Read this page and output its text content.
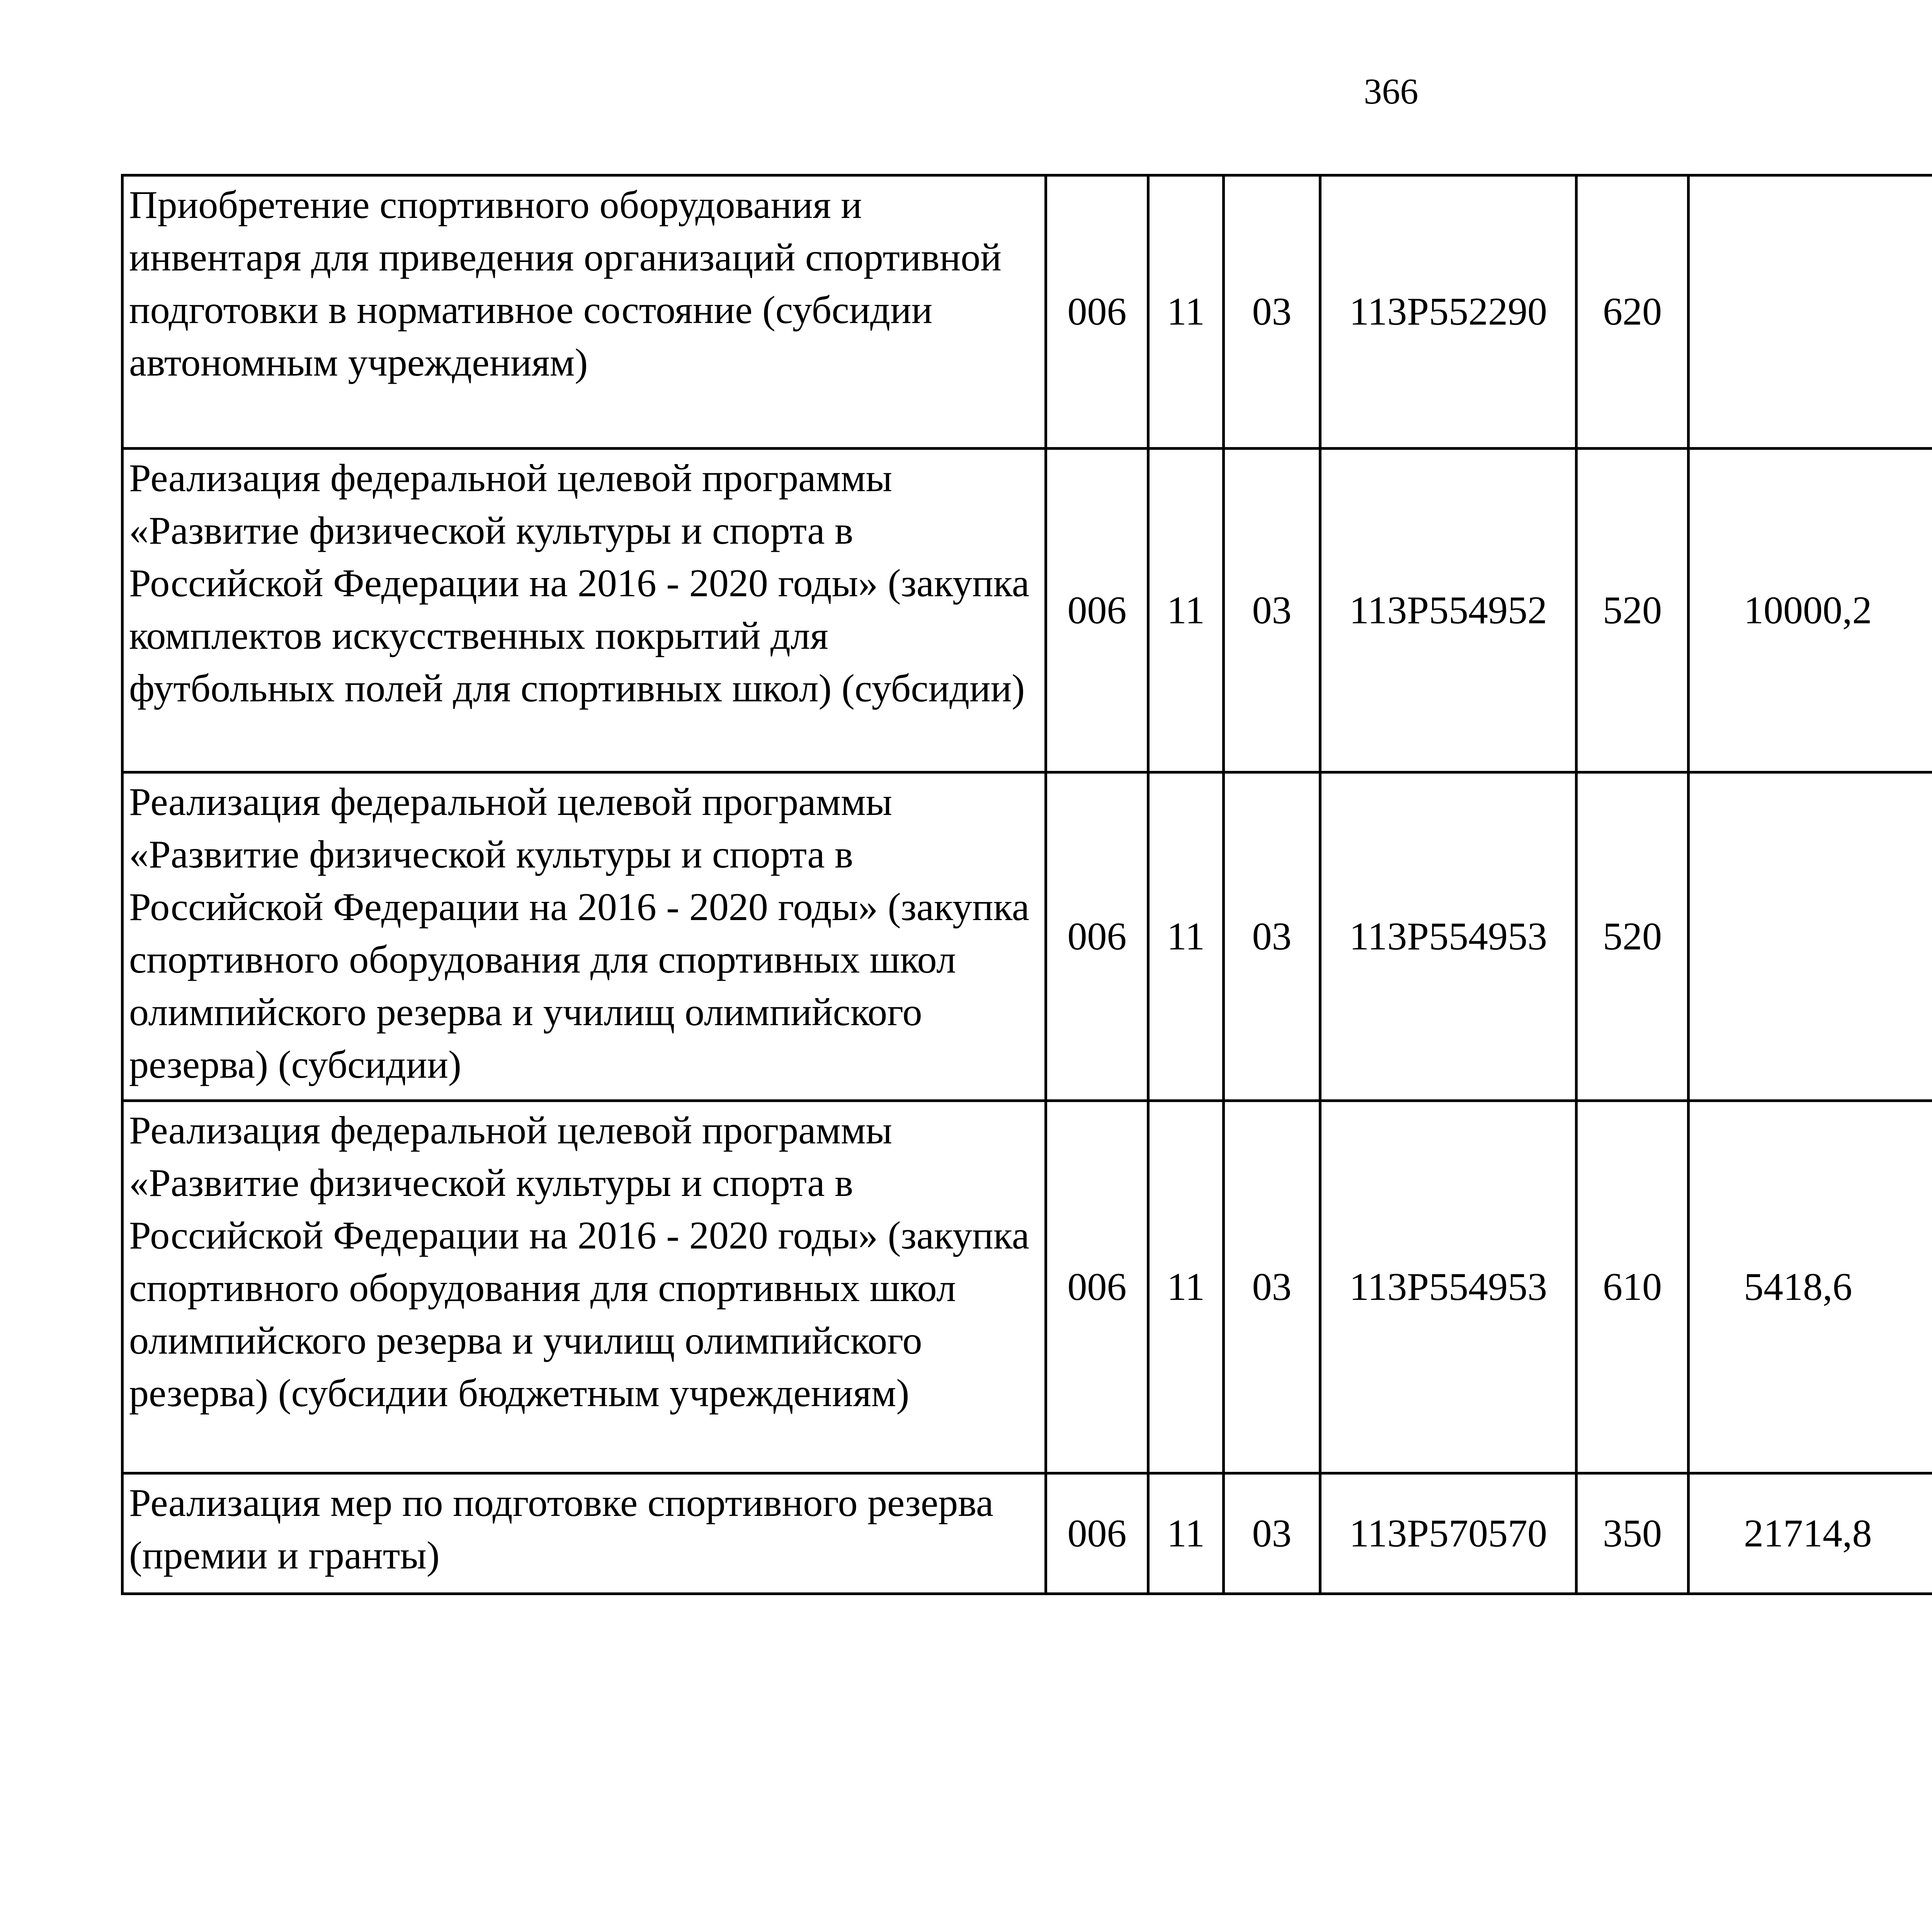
366
Приобретение спортивного оборудования и инвентаря для приведения организаций спортивной подготовки в нормативное состояние (субсидии автономным учреждениям)	006	11	03	113Р552290	620			
Реализация федеральной целевой программы «Развитие физической культуры и спорта в Российской Федерации на 2016 - 2020 годы» (закупка комплектов искусственных покрытий для футбольных полей для спортивных школ) (субсидии)	006	11	03	113Р554952	520	10000,2		
Реализация федеральной целевой программы «Развитие физической культуры и спорта в Российской Федерации на 2016 - 2020 годы» (закупка спортивного оборудования для спортивных школ олимпийского резерва и училищ олимпийского резерва) (субсидии)	006	11	03	113Р554953	520			
Реализация федеральной целевой программы «Развитие физической культуры и спорта в Российской Федерации на 2016 - 2020 годы» (закупка спортивного оборудования для спортивных школ олимпийского резерва и училищ олимпийского резерва) (субсидии бюджетным учреждениям)	006	11	03	113Р554953	610	5418,6		
Реализация мер по подготовке спортивного резерва (премии и гранты)	006	11	03	113Р570570	350	21714,8		
